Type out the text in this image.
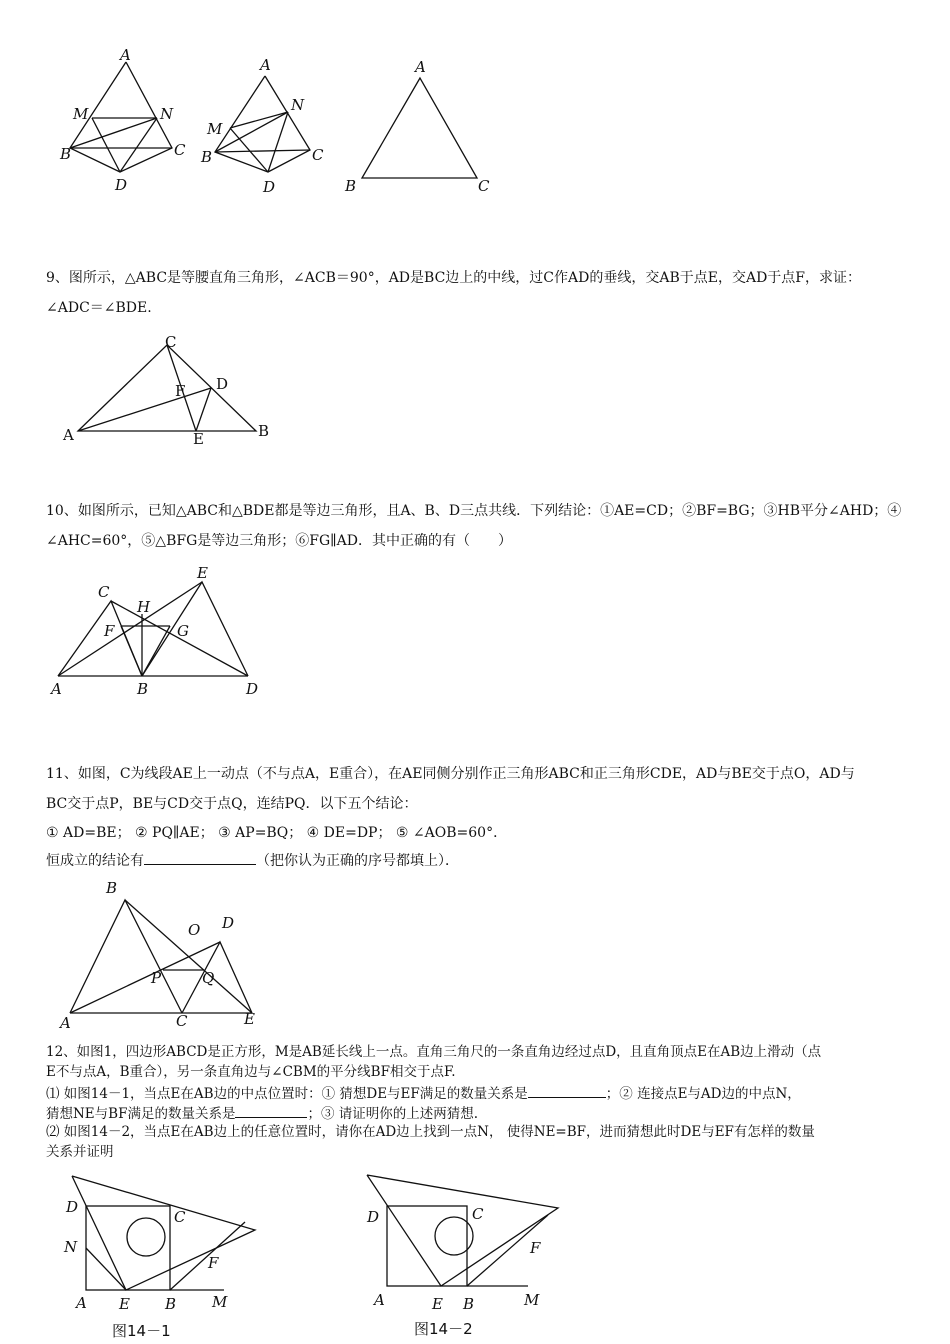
A
M	N
B	C
D
A
M
N
B	C
D
A
B	C
9、图所示，△ABC是等腰直角三角形，∠ACB＝90°，AD是BC边上的中线，过C作AD的垂线，交AB于点E，交AD于点F，求证：
∠ADC＝∠BDE.
C
F D
A	E	B
10、如图所示，已知△ABC和△BDE都是等边三角形，且A、B、D三点共线．下列结论：①AE=CD；②BF=BG；③HB平分∠AHD；④
∠AHC=60°，⑤△BFG是等边三角形；⑥FG∥AD．其中正确的有（　　）
C
E
H
F	G
A	B	D
11、如图，C为线段AE上一动点（不与点A，E重合），在AE同侧分别作正三角形ABC和正三角形CDE，AD与BE交于点O，AD与
BC交于点P，BE与CD交于点Q，连结PQ．以下五个结论：
① AD=BE； ② PQ∥AE； ③ AP=BQ； ④ DE=DP； ⑤ ∠AOB=60°．
恒成立的结论有	（把你认为正确的序号都填上）．
B
O D
P	Q
A	C	E
12、如图1，四边形ABCD是正方形，M是AB延长线上一点。直角三角尺的一条直角边经过点D，且直角顶点E在AB边上滑动（点
E不与点A，B重合），另一条直角边与∠CBM的平分线BF相交于点F.
⑴ 如图14－1，当点E在AB边的中点位置时：① 猜想DE与EF满足的数量关系是	；② 连接点E与AD边的中点N，
猜想NE与BF满足的数量关系是	；③ 请证明你的上述两猜想.
⑵ 如图14－2，当点E在AB边上的任意位置时，请你在AD边上找到一点N， 使得NE=BF，进而猜想此时DE与EF有怎样的数量
关系并证明
D
C
N
F
A E B M
图14－1
D	C
F
A	E B	M
图14－2
